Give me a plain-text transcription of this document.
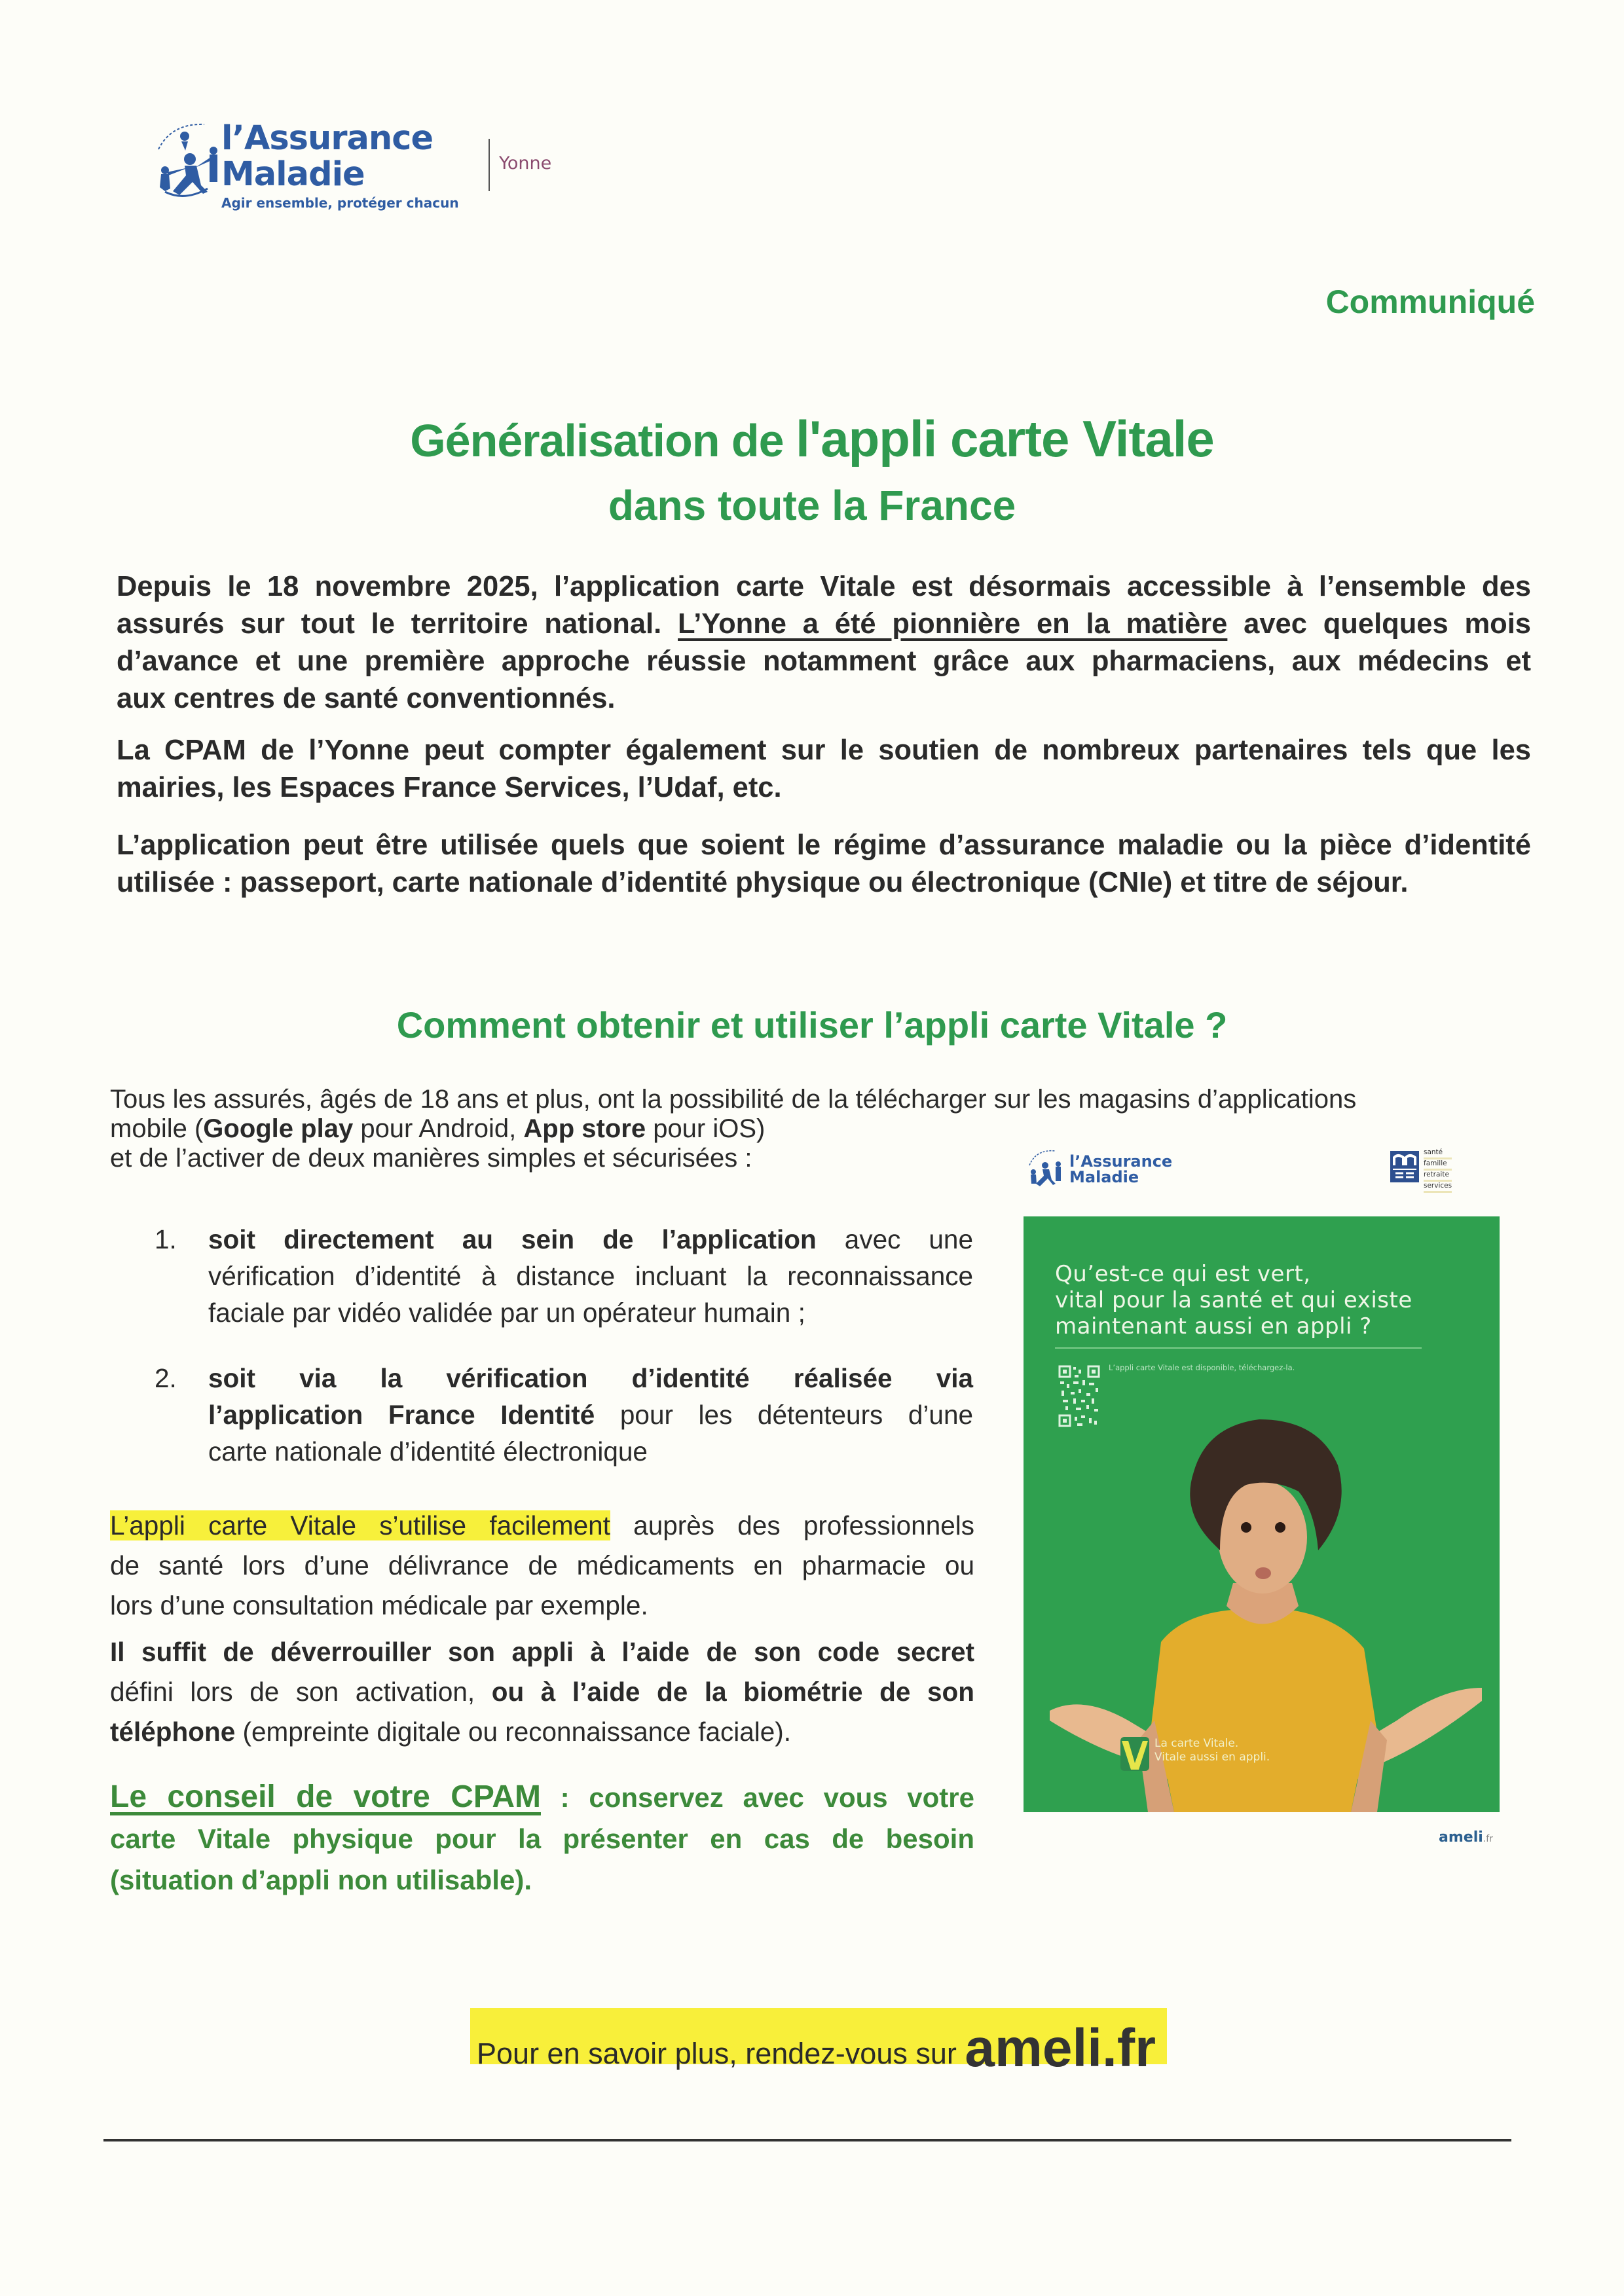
l’Assurance
Maladie
Agir ensemble, protéger chacun
Yonne
Communiqué
Généralisation de l'appli carte Vitale
dans toute la France
Depuis le 18 novembre 2025, l’application carte Vitale est désormais accessible à l’ensemble des
assurés sur tout le territoire national. L’Yonne a été pionnière en la matière avec quelques mois
d’avance et une première approche réussie notamment grâce aux pharmaciens, aux médecins et
aux centres de santé conventionnés.
La CPAM de l’Yonne peut compter également sur le soutien de nombreux partenaires tels que les
mairies, les Espaces France Services, l’Udaf, etc.
L’application peut être utilisée quels que soient le régime d’assurance maladie ou la pièce d’identité
utilisée : passeport, carte nationale d’identité physique ou électronique (CNIe) et titre de séjour.
Comment obtenir et utiliser l’appli carte Vitale ?
Tous les assurés, âgés de 18 ans et plus, ont la possibilité de la télécharger sur les magasins d’applications
mobile (Google play pour Android, App store pour iOS)
et de l’activer de deux manières simples et sécurisées :
1. soit directement au sein de l’application avec une
vérification d’identité à distance incluant la reconnaissance
faciale par vidéo validée par un opérateur humain ;
2. soit via la vérification d’identité réalisée via
l’application France Identité pour les détenteurs d’une
carte nationale d’identité électronique
L’appli carte Vitale s’utilise facilement auprès des professionnels
de santé lors d’une délivrance de médicaments en pharmacie ou
lors d’une consultation médicale par exemple.
Il suffit de déverrouiller son appli à l’aide de son code secret
défini lors de son activation, ou à l’aide de la biométrie de son
téléphone (empreinte digitale ou reconnaissance faciale).
Le conseil de votre CPAM : conservez avec vous votre
carte Vitale physique pour la présenter en cas de besoin
(situation d’appli non utilisable).
l’Assurance
Maladie
santé
famille
retraite
services
Qu’est-ce qui est vert,
vital pour la santé et qui existe
maintenant aussi en appli ?
L’appli carte Vitale est disponible, téléchargez-la.
La carte Vitale.
Vitale aussi en appli.
ameli.fr
Pour en savoir plus, rendez-vous sur ameli.fr
